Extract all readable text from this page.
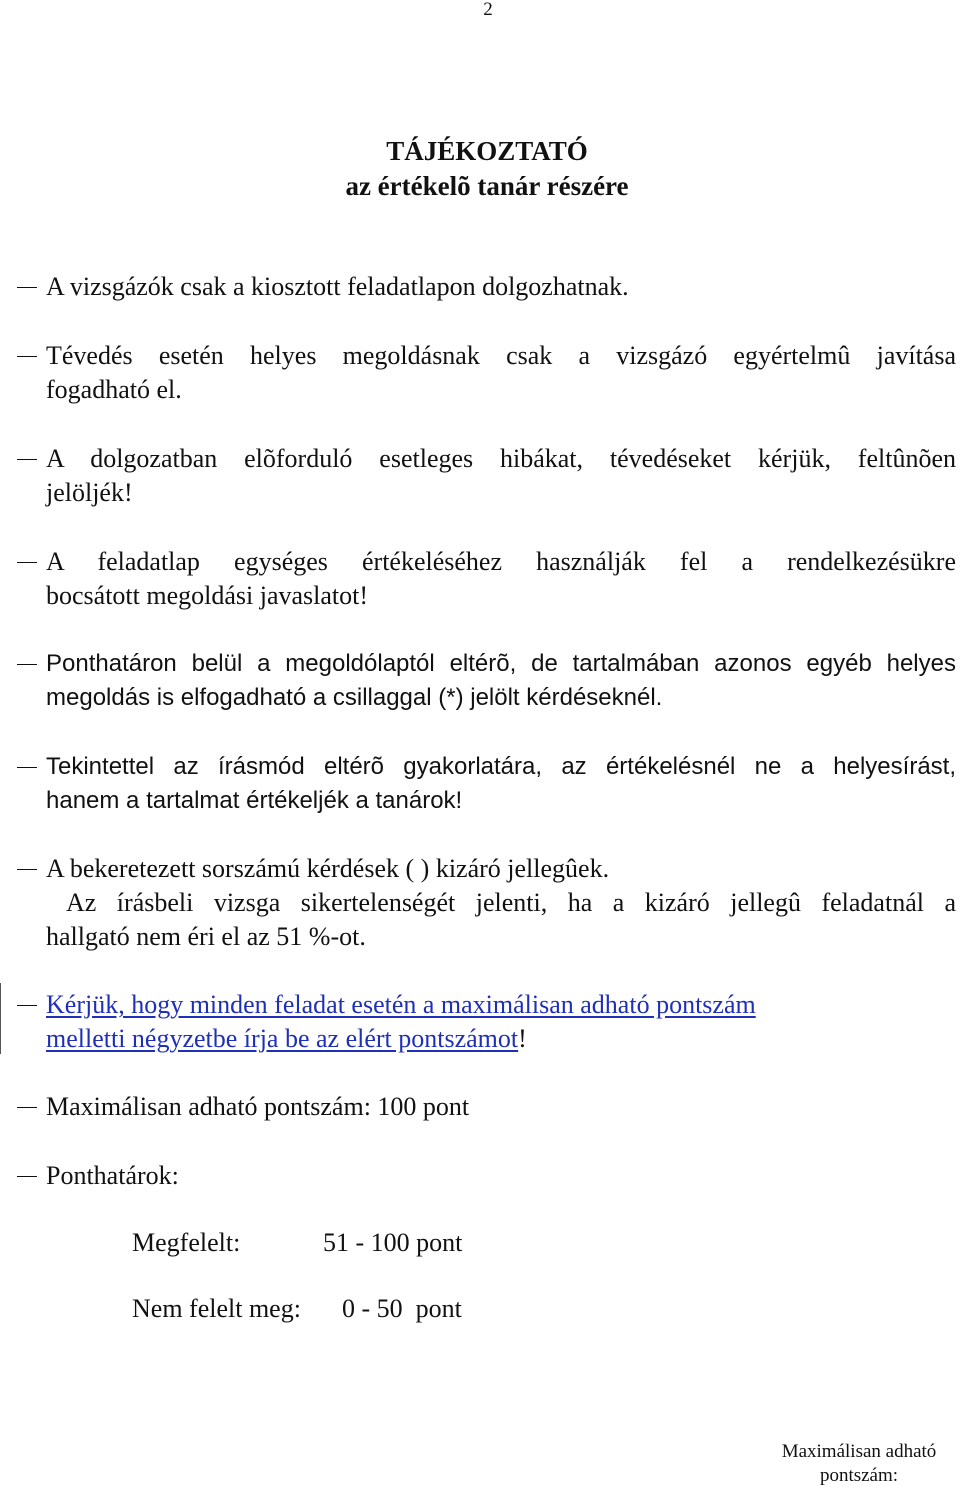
2
TÁJÉKOZTATÓ
az értékelõ tanár részére
A vizsgázók csak a kiosztott feladatlapon dolgozhatnak.
Tévedés esetén helyes megoldásnak csak a vizsgázó egyértelmû javítása
fogadható el.
A dolgozatban elõforduló esetleges hibákat, tévedéseket kérjük, feltûnõen
jelöljék!
A feladatlap egységes értékeléséhez használják fel a rendelkezésükre
bocsátott megoldási javaslatot!
Ponthatáron belül a megoldólaptól eltérõ, de tartalmában azonos egyéb helyes
megoldás is elfogadható a csillaggal (*) jelölt kérdéseknél.
Tekintettel az írásmód eltérõ gyakorlatára, az értékelésnél ne a helyesírást,
hanem a tartalmat értékeljék a tanárok!
A bekeretezett sorszámú kérdések ( ) kizáró jellegûek.
Az írásbeli vizsga sikertelenségét jelenti, ha a kizáró jellegû feladatnál a
hallgató nem éri el az 51 %-ot.
Kérjük, hogy minden feladat esetén a maximálisan adható pontszám
melletti négyzetbe írja be az elért pontszámot!
Maximálisan adható pontszám: 100 pont
Ponthatárok:
Megfelelt:	51 - 100 pont
Nem felelt meg: 0 - 50  pont
Maximálisan adható
pontszám:
